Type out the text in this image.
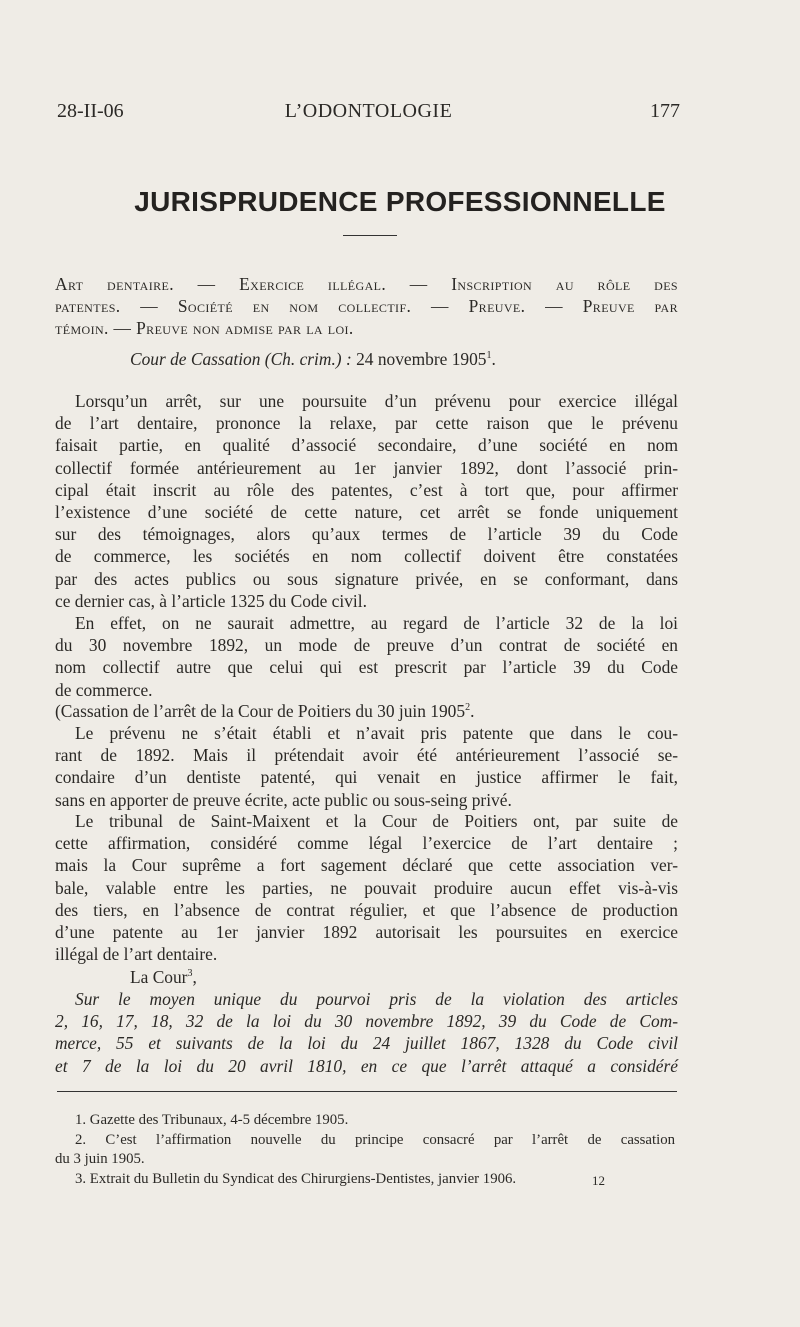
28-II-06	L’ODONTOLOGIE	177
JURISPRUDENCE PROFESSIONNELLE
Art dentaire. — Exercice illégal. — Inscription au rôle des
patentes. — Société en nom collectif. — Preuve. — Preuve par
témoin. — Preuve non admise par la loi.
Cour de Cassation (Ch. crim.) : 24 novembre 1905$^1$.
Lorsqu’un arrêt, sur une poursuite d’un prévenu pour exercice illégal
de l’art dentaire, prononce la relaxe, par cette raison que le prévenu
faisait partie, en qualité d’associé secondaire, d’une société en nom
collectif formée antérieurement au 1er janvier 1892, dont l’associé prin-
cipal était inscrit au rôle des patentes, c’est à tort que, pour affirmer
l’existence d’une société de cette nature, cet arrêt se fonde uniquement
sur des témoignages, alors qu’aux termes de l’article 39 du Code
de commerce, les sociétés en nom collectif doivent être constatées
par des actes publics ou sous signature privée, en se conformant, dans
ce dernier cas, à l’article 1325 du Code civil.
En effet, on ne saurait admettre, au regard de l’article 32 de la loi
du 30 novembre 1892, un mode de preuve d’un contrat de société en
nom collectif autre que celui qui est prescrit par l’article 39 du Code
de commerce.
(Cassation de l’arrêt de la Cour de Poitiers du 30 juin 1905$^2$.
Le prévenu ne s’était établi et n’avait pris patente que dans le cou-
rant de 1892. Mais il prétendait avoir été antérieurement l’associé se-
condaire d’un dentiste patenté, qui venait en justice affirmer le fait,
sans en apporter de preuve écrite, acte public ou sous-seing privé.
Le tribunal de Saint-Maixent et la Cour de Poitiers ont, par suite de
cette affirmation, considéré comme légal l’exercice de l’art dentaire ;
mais la Cour suprême a fort sagement déclaré que cette association ver-
bale, valable entre les parties, ne pouvait produire aucun effet vis-à-vis
des tiers, en l’absence de contrat régulier, et que l’absence de production
d’une patente au 1er janvier 1892 autorisait les poursuites en exercice
illégal de l’art dentaire.
La Cour$^3$,
Sur le moyen unique du pourvoi pris de la violation des articles
2, 16, 17, 18, 32 de la loi du 30 novembre 1892, 39 du Code de Com-
merce, 55 et suivants de la loi du 24 juillet 1867, 1328 du Code civil
et 7 de la loi du 20 avril 1810, en ce que l’arrêt attaqué a considéré
1. Gazette des Tribunaux, 4-5 décembre 1905.
2. C’est l’affirmation nouvelle du principe consacré par l’arrêt de cassation
du 3 juin 1905.
3. Extrait du Bulletin du Syndicat des Chirurgiens-Dentistes, janvier 1906.	12
